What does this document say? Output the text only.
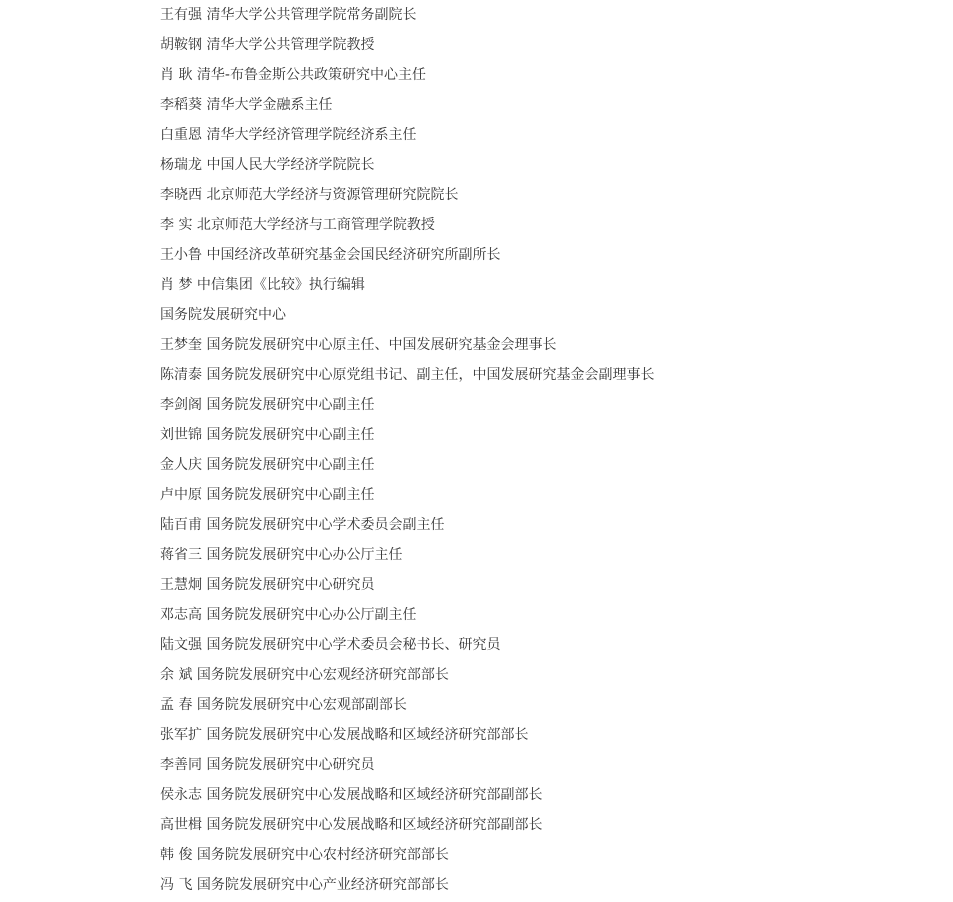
王有强 清华大学公共管理学院常务副院长
胡鞍钢 清华大学公共管理学院教授
肖 耿 清华-布鲁金斯公共政策研究中心主任
李稻葵 清华大学金融系主任
白重恩 清华大学经济管理学院经济系主任
杨瑞龙 中国人民大学经济学院院长
李晓西 北京师范大学经济与资源管理研究院院长
李 实 北京师范大学经济与工商管理学院教授
王小鲁 中国经济改革研究基金会国民经济研究所副所长
肖 梦 中信集团《比较》执行编辑
国务院发展研究中心
王梦奎 国务院发展研究中心原主任、中国发展研究基金会理事长
陈清泰 国务院发展研究中心原党组书记、副主任，中国发展研究基金会副理事长
李剑阁 国务院发展研究中心副主任
刘世锦 国务院发展研究中心副主任
金人庆 国务院发展研究中心副主任
卢中原 国务院发展研究中心副主任
陆百甫 国务院发展研究中心学术委员会副主任
蒋省三 国务院发展研究中心办公厅主任
王慧炯 国务院发展研究中心研究员
邓志高 国务院发展研究中心办公厅副主任
陆文强 国务院发展研究中心学术委员会秘书长、研究员
余 斌 国务院发展研究中心宏观经济研究部部长
孟 春 国务院发展研究中心宏观部副部长
张军扩 国务院发展研究中心发展战略和区域经济研究部部长
李善同 国务院发展研究中心研究员
侯永志 国务院发展研究中心发展战略和区域经济研究部副部长
高世楫 国务院发展研究中心发展战略和区域经济研究部副部长
韩 俊 国务院发展研究中心农村经济研究部部长
冯 飞 国务院发展研究中心产业经济研究部部长
